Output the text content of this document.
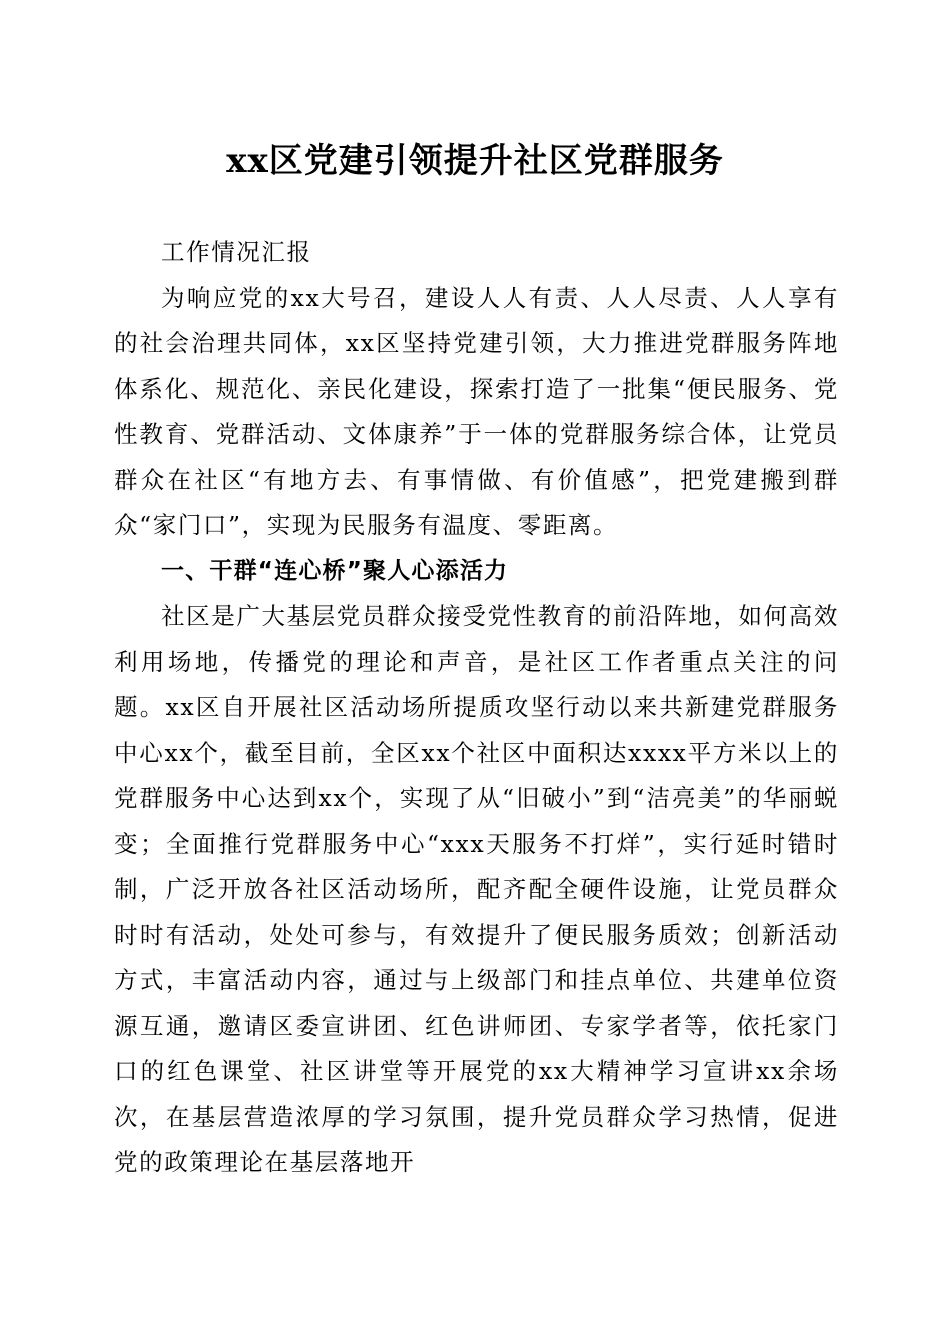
xx区党建引领提升社区党群服务

工作情况汇报

为响应党的xx大号召，建设人人有责、人人尽责、人人享有的社会治理共同体，xx区坚持党建引领，大力推进党群服务阵地体系化、规范化、亲民化建设，探索打造了一批集“便民服务、党性教育、党群活动、文体康养”于一体的党群服务综合体，让党员群众在社区“有地方去、有事情做、有价值感”，把党建搬到群众“家门口”，实现为民服务有温度、零距离。

一、干群“连心桥”聚人心添活力

社区是广大基层党员群众接受党性教育的前沿阵地，如何高效利用场地，传播党的理论和声音，是社区工作者重点关注的问题。xx区自开展社区活动场所提质攻坚行动以来共新建党群服务中心xx个，截至目前，全区xx个社区中面积达xxxx平方米以上的党群服务中心达到xx个，实现了从“旧破小”到“洁亮美”的华丽蜕变；全面推行党群服务中心“xxx天服务不打烊”，实行延时错时制，广泛开放各社区活动场所，配齐配全硬件设施，让党员群众时时有活动，处处可参与，有效提升了便民服务质效；创新活动方式，丰富活动内容，通过与上级部门和挂点单位、共建单位资源互通，邀请区委宣讲团、红色讲师团、专家学者等，依托家门口的红色课堂、社区讲堂等开展党的xx大精神学习宣讲xx余场次，在基层营造浓厚的学习氛围，提升党员群众学习热情，促进党的政策理论在基层落地开
